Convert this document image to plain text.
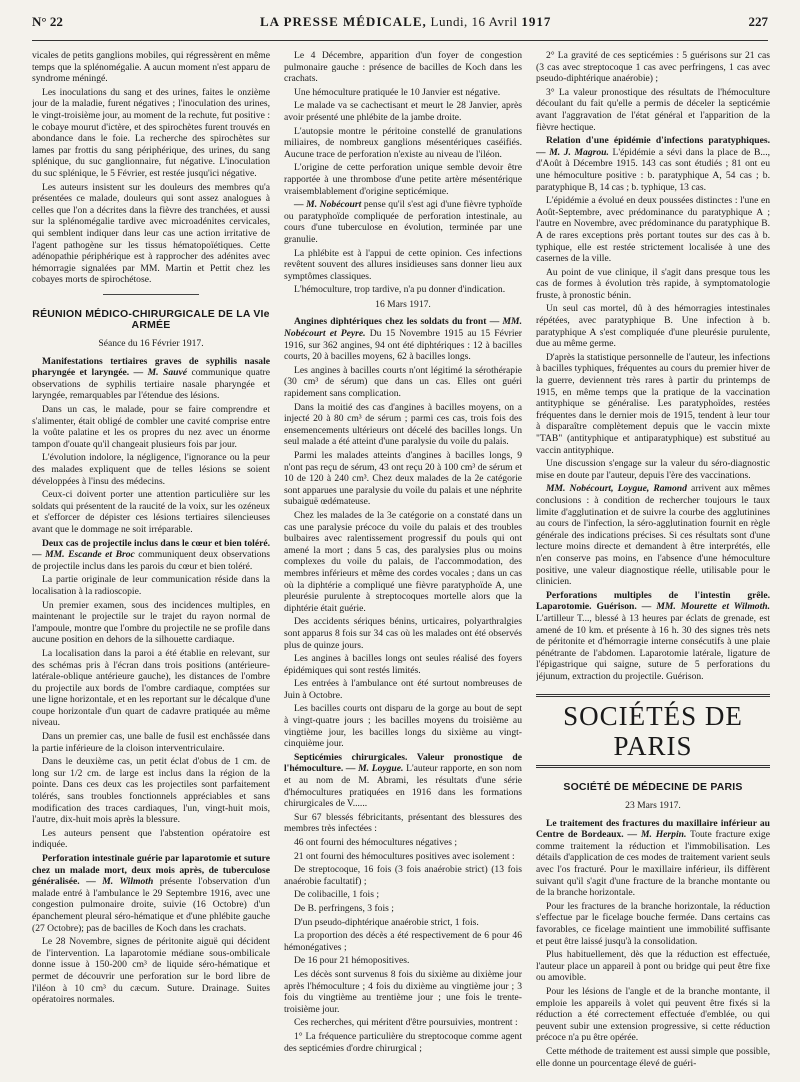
N° 22	LA PRESSE MÉDICALE, Lundi, 16 Avril 1917	227

vicales de petits ganglions mobiles, qui régressèrent en même temps que la splénomégalie. A aucun moment n'est apparu de syndrome méningé.

Les inoculations du sang et des urines, faites le onzième jour de la maladie, furent négatives ; l'inoculation des urines, le vingt-troisième jour, au moment de la rechute, fut positive : le cobaye mourut d'ictère, et des spirochètes furent trouvés en abondance dans le foie. La recherche des spirochètes sur lames par frottis du sang périphérique, des urines, du sang splénique, du suc ganglionnaire, fut négative. L'inoculation du suc splénique, le 5 Février, est restée jusqu'ici négative.

Les auteurs insistent sur les douleurs des membres qu'a présentées ce malade, douleurs qui sont assez analogues à celles que l'on a décrites dans la fièvre des tranchées, et aussi sur la splénomégalie tardive avec microadénites cervicales, qui semblent indiquer dans leur cas une action irritative de l'agent pathogène sur les tissus hématopoïétiques. Cette adénopathie périphérique est à rapprocher des adénites avec hémorragie signalées par MM. Martin et Pettit chez les cobayes morts de spirochétose.

RÉUNION MÉDICO-CHIRURGICALE DE LA VIe ARMÉE
Séance du 16 Février 1917.

Manifestations tertiaires graves de syphilis nasale pharyngée et laryngée. — M. Sauvé communique quatre observations de syphilis tertiaire nasale pharyngée et laryngée, remarquables par l'étendue des lésions.

Dans un cas, le malade, pour se faire comprendre et s'alimenter, était obligé de combler une cavité comprise entre la voûte palatine et les os propres du nez avec un énorme tampon d'ouate qu'il changeait plusieurs fois par jour.

L'évolution indolore, la négligence, l'ignorance ou la peur des malades expliquent que de telles lésions se soient développées à l'insu des médecins.

Ceux-ci doivent porter une attention particulière sur les soldats qui présentent de la raucité de la voix, sur les ozéneux et s'efforcer de dépister ces lésions tertiaires silencieuses avant que le dommage ne soit irréparable.

Deux cas de projectile inclus dans le cœur et bien toléré. — MM. Escande et Broc communiquent deux observations de projectile inclus dans les parois du cœur et bien toléré.

La partie originale de leur communication réside dans la localisation à la radioscopie.

Un premier examen, sous des incidences multiples, en maintenant le projectile sur le trajet du rayon normal de l'ampoule, montre que l'ombre du projectile ne se profile dans aucune position en dehors de la silhouette cardiaque.

La localisation dans la paroi a été établie en relevant, sur des schémas pris à l'écran dans trois positions (antérieure-latérale-oblique antérieure gauche), les distances de l'ombre du projectile aux bords de l'ombre cardiaque, comptées sur une ligne horizontale, et en les reportant sur le décalque d'une coupe horizontale d'un quart de cadavre pratiquée au même niveau.

Dans un premier cas, une balle de fusil est enchâssée dans la partie inférieure de la cloison interventriculaire.

Dans le deuxième cas, un petit éclat d'obus de 1 cm. de long sur 1/2 cm. de large est inclus dans la région de la pointe. Dans ces deux cas les projectiles sont parfaitement tolérés, sans troubles fonctionnels appréciables et sans modification des traces cardiaques, l'un, vingt-huit mois, l'autre, dix-huit mois après la blessure.

Les auteurs pensent que l'abstention opératoire est indiquée.

Perforation intestinale guérie par laparotomie et suture chez un malade mort, deux mois après, de tuberculose généralisée. — M. Wilmoth présente l'observation d'un malade entré à l'ambulance le 29 Septembre 1916, avec une congestion pulmonaire droite, suivie (16 Octobre) d'un épanchement pleural séro-hématique et d'une phlébite gauche (27 Octobre); pas de bacilles de Koch dans les crachats.

Le 28 Novembre, signes de péritonite aiguë qui décident de l'intervention. La laparotomie médiane sous-ombilicale donne issue à 150-200 cm³ de liquide séro-hématique et permet de découvrir une perforation sur le bord libre de l'iléon à 10 cm³ du cæcum. Suture. Drainage. Suites opératoires normales.

Le 4 Décembre, apparition d'un foyer de congestion pulmonaire gauche : présence de bacilles de Koch dans les crachats.

Une hémoculture pratiquée le 10 Janvier est négative.

Le malade va se cachectisant et meurt le 28 Janvier, après avoir présenté une phlébite de la jambe droite.

L'autopsie montre le péritoine constellé de granulations miliaires, de nombreux ganglions mésentériques caséifiés. Aucune trace de perforation n'existe au niveau de l'iléon.

L'origine de cette perforation unique semble devoir être rapportée à une thrombose d'une petite artère mésentérique vraisemblablement d'origine septicémique.

— M. Nobécourt pense qu'il s'est agi d'une fièvre typhoïde ou paratyphoïde compliquée de perforation intestinale, au cours d'une tuberculose en évolution, terminée par une granulie.

La phlébite est à l'appui de cette opinion. Ces infections revêtent souvent des allures insidieuses sans donner lieu aux symptômes classiques.

L'hémoculture, trop tardive, n'a pu donner d'indication.

16 Mars 1917.

Angines diphtériques chez les soldats du front — MM. Nobécourt et Peyre. Du 15 Novembre 1915 au 15 Février 1916, sur 362 angines, 94 ont été diphtériques : 12 à bacilles courts, 20 à bacilles moyens, 62 à bacilles longs.

Les angines à bacilles courts n'ont légitimé la sérothérapie (30 cm³ de sérum) que dans un cas. Elles ont guéri rapidement sans complication.

Dans la moitié des cas d'angines à bacilles moyens, on a injecté 20 à 80 cm³ de sérum ; parmi ces cas, trois fois des ensemencements ultérieurs ont décelé des bacilles longs. Un seul malade a été atteint d'une paralysie du voile du palais.

Parmi les malades atteints d'angines à bacilles longs, 9 n'ont pas reçu de sérum, 43 ont reçu 20 à 100 cm³ de sérum et 10 de 120 à 240 cm³. Chez deux malades de la 2e catégorie sont apparues une paralysie du voile du palais et une néphrite subaiguë œdémateuse.

Chez les malades de la 3e catégorie on a constaté dans un cas une paralysie précoce du voile du palais et des troubles bulbaires avec ralentissement progressif du pouls qui ont amené la mort ; dans 5 cas, des paralysies plus ou moins complexes du voile du palais, de l'accommodation, des membres inférieurs et même des cordes vocales ; dans un cas où la diphtérie a compliqué une fièvre paratyphoïde A, une pleurésie purulente à streptocoques mortelle alors que la diphtérie était guérie.

Des accidents sériques bénins, urticaires, polyarthralgies sont apparus 8 fois sur 34 cas où les malades ont été observés plus de quinze jours.

Les angines à bacilles longs ont seules réalisé des foyers épidémiques qui sont restés limités.

Les entrées à l'ambulance ont été surtout nombreuses de Juin à Octobre.

Les bacilles courts ont disparu de la gorge au bout de sept à vingt-quatre jours ; les bacilles moyens du troisième au vingtième jour, les bacilles longs du sixième au vingt-cinquième jour.

Septicémies chirurgicales. Valeur pronostique de l'hémoculture. — M. Loygue. L'auteur rapporte, en son nom et au nom de M. Abrami, les résultats d'une série d'hémocultures pratiquées en 1916 dans les formations chirurgicales de V......

Sur 67 blessés fébricitants, présentant des blessures des membres très infectées :

46 ont fourni des hémocultures négatives ;

21 ont fourni des hémocultures positives avec isolement :

De streptocoque, 16 fois (3 fois anaérobie strict) (13 fois anaérobie facultatif) ;

De colibacille, 1 fois ;

De B. perfringens, 3 fois ;

D'un pseudo-diphtérique anaérobie strict, 1 fois.

La proportion des décès a été respectivement de 6 pour 46 hémonégatives ;

De 16 pour 21 hémopositives.

Les décès sont survenus 8 fois du sixième au dixième jour après l'hémoculture ; 4 fois du dixième au vingtième jour ; 3 fois du vingtième au trentième jour ; une fois le trente-troisième jour.

Ces recherches, qui méritent d'être poursuivies, montrent :

1° La fréquence particulière du streptocoque comme agent des septicémies d'ordre chirurgical ;

2° La gravité de ces septicémies : 5 guérisons sur 21 cas (3 cas avec streptocoque 1 cas avec perfringens, 1 cas avec pseudo-diphtérique anaérobie) ;

3° La valeur pronostique des résultats de l'hémoculture découlant du fait qu'elle a permis de déceler la septicémie avant l'aggravation de l'état général et l'apparition de la fièvre hectique.

Relation d'une épidémie d'infections paratyphiques. — M. J. Magrou. L'épidémie a sévi dans la place de B..., d'Août à Décembre 1915. 143 cas sont étudiés ; 81 ont eu une hémoculture positive : b. paratyphique A, 54 cas ; b. paratyphique B, 14 cas ; b. typhique, 13 cas.

L'épidémie a évolué en deux poussées distinctes : l'une en Août-Septembre, avec prédominance du paratyphique A ; l'autre en Novembre, avec prédominance du paratyphique B. A de rares exceptions près portant toutes sur des cas à b. typhique, elle est restée strictement localisée à une des casernes de la ville.

Au point de vue clinique, il s'agit dans presque tous les cas de formes à évolution très rapide, à symptomatologie fruste, à pronostic bénin.

Un seul cas mortel, dû à des hémorragies intestinales répétées, avec paratyphique B. Une infection à b. paratyphique A s'est compliquée d'une pleurésie purulente, due au même germe.

D'après la statistique personnelle de l'auteur, les infections à bacilles typhiques, fréquentes au cours du premier hiver de la guerre, deviennent très rares à partir du printemps de 1915, en même temps que la pratique de la vaccination antityphique se généralise. Les paratyphoïdes, restées fréquentes dans le dernier mois de 1915, tendent à leur tour à disparaître complètement depuis que le vaccin mixte "TAB" (antityphique et antiparatyphique) est substitué au vaccin antityphique.

Une discussion s'engage sur la valeur du séro-diagnostic mise en doute par l'auteur, depuis l'ère des vaccinations.

MM. Nobécourt, Loygue, Ramond arrivent aux mêmes conclusions : à condition de rechercher toujours le taux limite d'agglutination et de suivre la courbe des agglutinines au cours de l'infection, la séro-agglutination fournit en règle générale des indications précises. Si ces résultats sont d'une lecture moins directe et demandent à être interprétés, elle n'en conserve pas moins, en l'absence d'une hémoculture positive, une valeur diagnostique réelle, utilisable pour le clinicien.

Perforations multiples de l'intestin grêle. Laparotomie. Guérison. — MM. Mourette et Wilmoth. L'artilleur T..., blessé à 13 heures par éclats de grenade, est amené de 10 km. et présente à 16 h. 30 des signes très nets de péritonite et d'hémorragie interne consécutifs à une plaie pénétrante de l'abdomen. Laparotomie latérale, ligature de l'épigastrique qui saigne, suture de 5 perforations du jéjunum, extraction du projectile. Guérison.

SOCIÉTÉS DE PARIS
SOCIÉTÉ DE MÉDECINE DE PARIS
23 Mars 1917.

Le traitement des fractures du maxillaire inférieur au Centre de Bordeaux. — M. Herpin. Toute fracture exige comme traitement la réduction et l'immobilisation. Les détails d'application de ces modes de traitement varient seuls avec l'os fracturé. Pour le maxillaire inférieur, ils diffèrent suivant qu'il s'agit d'une fracture de la branche montante ou de la branche horizontale.

Pour les fractures de la branche horizontale, la réduction s'effectue par le ficelage bouche fermée. Dans certains cas favorables, ce ficelage maintient une immobilité suffisante et peut être laissé jusqu'à la consolidation.

Plus habituellement, dès que la réduction est effectuée, l'auteur place un appareil à pont ou bridge qui peut être fixe ou amovible.

Pour les lésions de l'angle et de la branche montante, il emploie les appareils à volet qui peuvent être fixés si la réduction a été correctement effectuée d'emblée, ou qui peuvent subir une extension progressive, si cette réduction précoce n'a pu être opérée.

Cette méthode de traitement est aussi simple que possible, elle donne un pourcentage élevé de guéri-
